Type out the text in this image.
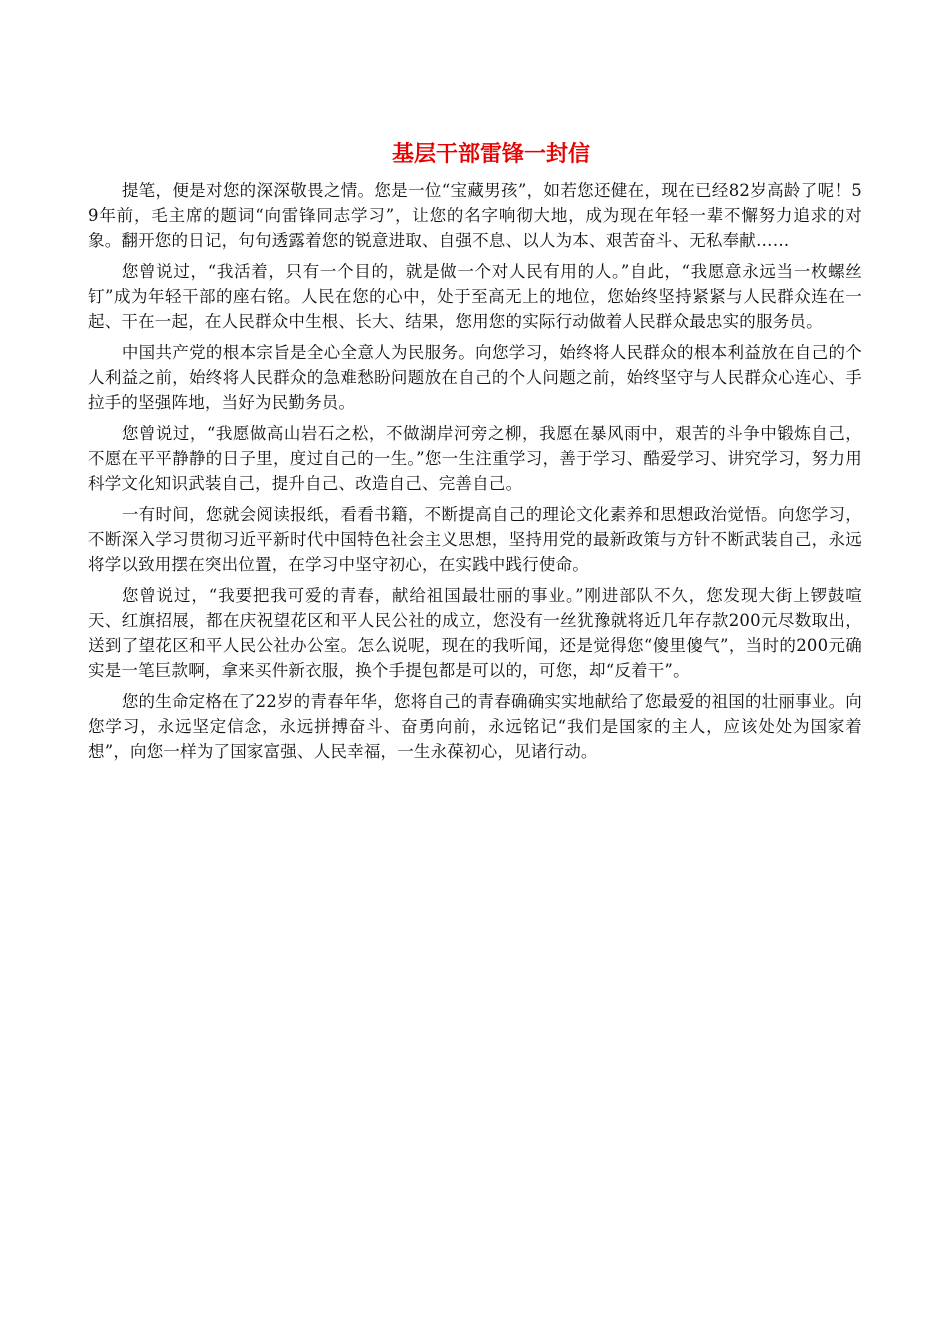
基层干部雷锋一封信

提笔，便是对您的深深敬畏之情。您是一位“宝藏男孩”，如若您还健在，现在已经82岁高龄了呢！59年前，毛主席的题词“向雷锋同志学习”，让您的名字响彻大地，成为现在年轻一辈不懈努力追求的对象。翻开您的日记，句句透露着您的锐意进取、自强不息、以人为本、艰苦奋斗、无私奉献……

您曾说过，“我活着，只有一个目的，就是做一个对人民有用的人。”自此，“我愿意永远当一枚螺丝钉”成为年轻干部的座右铭。人民在您的心中，处于至高无上的地位，您始终坚持紧紧与人民群众连在一起、干在一起，在人民群众中生根、长大、结果，您用您的实际行动做着人民群众最忠实的服务员。

中国共产党的根本宗旨是全心全意人为民服务。向您学习，始终将人民群众的根本利益放在自己的个人利益之前，始终将人民群众的急难愁盼问题放在自己的个人问题之前，始终坚守与人民群众心连心、手拉手的坚强阵地，当好为民勤务员。

您曾说过，“我愿做高山岩石之松，不做湖岸河旁之柳，我愿在暴风雨中，艰苦的斗争中锻炼自己，不愿在平平静静的日子里，度过自己的一生。”您一生注重学习，善于学习、酷爱学习、讲究学习，努力用科学文化知识武装自己，提升自己、改造自己、完善自己。

一有时间，您就会阅读报纸，看看书籍，不断提高自己的理论文化素养和思想政治觉悟。向您学习，不断深入学习贯彻习近平新时代中国特色社会主义思想，坚持用党的最新政策与方针不断武装自己，永远将学以致用摆在突出位置，在学习中坚守初心，在实践中践行使命。

您曾说过，“我要把我可爱的青春，献给祖国最壮丽的事业。”刚进部队不久，您发现大街上锣鼓喧天、红旗招展，都在庆祝望花区和平人民公社的成立，您没有一丝犹豫就将近几年存款200元尽数取出，送到了望花区和平人民公社办公室。怎么说呢，现在的我听闻，还是觉得您“傻里傻气”，当时的200元确实是一笔巨款啊，拿来买件新衣服，换个手提包都是可以的，可您，却“反着干”。

您的生命定格在了22岁的青春年华，您将自己的青春确确实实地献给了您最爱的祖国的壮丽事业。向您学习，永远坚定信念，永远拼搏奋斗、奋勇向前，永远铭记“我们是国家的主人，应该处处为国家着想”，向您一样为了国家富强、人民幸福，一生永葆初心，见诸行动。
